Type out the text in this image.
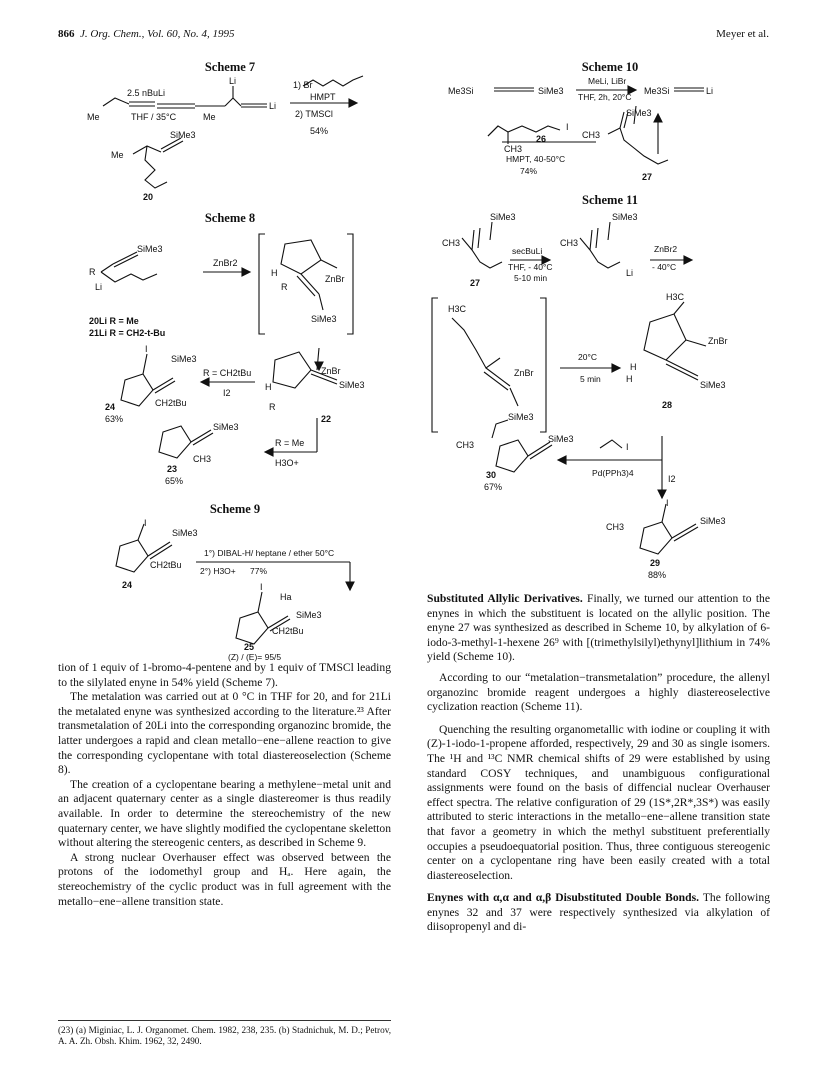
866 J. Org. Chem., Vol. 60, No. 4, 1995	Meyer et al.
Scheme 7
Me
2.5 nBuLi
THF / 35°C	Me
Li
Li
1) Br
HMPT
2) TMSCl
54%
Me
SiMe3
20
Scheme 8
R
Li
SiMe3
ZnBr2
H
R
ZnBr
SiMe3
20Li R = Me
21Li R = CH2-t-Bu
I
SiMe3
R = CH2tBu
I2
CH2tBu
24
63%
ZnBr
H	SiMe3
R
22
SiMe3
R = Me
H3O+
CH3
23
65%
Scheme 9
I
SiMe3
CH2tBu
24
1°) DIBAL-H/ heptane / ether 50°C
2°) H3O+ 77%
I
Ha
SiMe3
CH2tBu
25
(Z) / (E)= 95/5

tion of 1 equiv of 1-bromo-4-pentene and by 1 equiv of TMSCl leading to the silylated enyne in 54% yield (Scheme 7).

The metalation was carried out at 0 °C in THF for 20, and for 21Li the metalated enyne was synthesized according to the literature.²³ After transmetalation of 20Li into the corresponding organozinc bromide, the latter undergoes a rapid and clean metallo−ene−allene reaction to give the corresponding cyclopentane with total diastereoselection (Scheme 8).

The creation of a cyclopentane bearing a methylene−metal unit and an adjacent quaternary center as a single diastereomer is thus readily available. In order to determine the stereochemistry of the new quaternary center, we have slightly modified the cyclopentane skeletton without altering the stereogenic centers, as described in Scheme 9.

A strong nuclear Overhauser effect was observed between the protons of the iodomethyl group and Hₐ. Here again, the stereochemistry of the cyclic product was in full agreement with the metallo−ene−allene transition state.

(23) (a) Miginiac, L. J. Organomet. Chem. 1982, 238, 235. (b) Stadnichuk, M. D.; Petrov, A. A. Zh. Obsh. Khim. 1962, 32, 2490.
Scheme 10
Me3Si	SiMe3
MeLi, LiBr
THF, 2h, 20°C
Me3Si	Li
SiMe3
I
CH3
26
HMPT, 40-50°C
74%
CH3
27
Scheme 11
SiMe3
CH3
secBuLi
THF, - 40°C
5-10 min
27
SiMe3
CH3
Li
ZnBr2
- 40°C
H3C
ZnBr
SiMe3
20°C
5 min
H3C
ZnBr
H
H
SiMe3
28
CH3
SiMe3
30
67%
I
Pd(PPh3)4
I2
I
SiMe3
CH3
29
88%

Substituted Allylic Derivatives. Finally, we turned our attention to the enynes in which the substituent is located on the allylic position. The enyne 27 was synthesized as described in Scheme 10, by alkylation of 6-iodo-3-methyl-1-hexene 26⁹ with [(trimethylsilyl)ethynyl]lithium in 74% yield (Scheme 10).

According to our “metalation−transmetalation” procedure, the allenyl organozinc bromide reagent undergoes a highly diastereoselective cyclization reaction (Scheme 11).

Quenching the resulting organometallic with iodine or coupling it with (Z)-1-iodo-1-propene afforded, respectively, 29 and 30 as single isomers. The ¹H and ¹³C NMR chemical shifts of 29 were established by using standard COSY techniques, and unambiguous configurational assignments were found on the basis of diffencial nuclear Overhauser effect spectra. The relative configuration of 29 (1S*,2R*,3S*) was easily attributed to steric interactions in the metallo−ene−allene transition state that favor a geometry in which the methyl substituent preferentially occupies a pseudoequatorial position. Thus, three contiguous stereogenic center on a cyclopentane ring have been easily created with a total diastereoselection.

Enynes with α,α and α,β Disubstituted Double Bonds. The following enynes 32 and 37 were respectively synthesized via alkylation of diisopropenyl and di-
